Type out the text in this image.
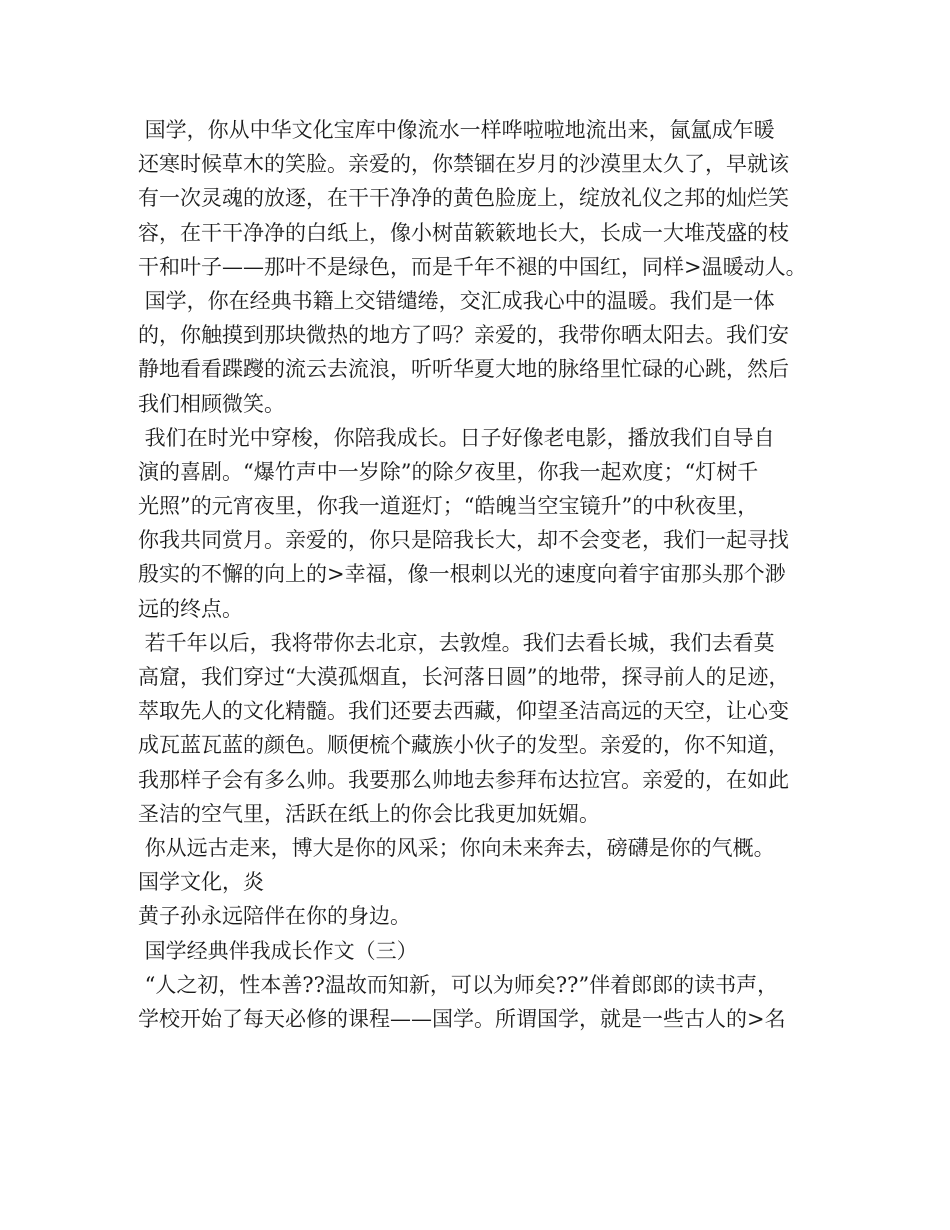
国学，你从中华文化宝库中像流水一样哗啦啦地流出来，氤氲成乍暖
还寒时候草木的笑脸。亲爱的，你禁锢在岁月的沙漠里太久了，早就该
有一次灵魂的放逐，在干干净净的黄色脸庞上，绽放礼仪之邦的灿烂笑
容，在干干净净的白纸上，像小树苗簌簌地长大，长成一大堆茂盛的枝
干和叶子——那叶不是绿色，而是千年不褪的中国红，同样>温暖动人。
国学，你在经典书籍上交错缱绻，交汇成我心中的温暖。我们是一体
的，你触摸到那块微热的地方了吗？亲爱的，我带你晒太阳去。我们安
静地看看蹀躞的流云去流浪，听听华夏大地的脉络里忙碌的心跳，然后
我们相顾微笑。
我们在时光中穿梭，你陪我成长。日子好像老电影，播放我们自导自
演的喜剧。“爆竹声中一岁除”的除夕夜里，你我一起欢度；“灯树千
光照”的元宵夜里，你我一道逛灯；“皓魄当空宝镜升”的中秋夜里，
你我共同赏月。亲爱的，你只是陪我长大，却不会变老，我们一起寻找
殷实的不懈的向上的>幸福，像一根刺以光的速度向着宇宙那头那个渺
远的终点。
若千年以后，我将带你去北京，去敦煌。我们去看长城，我们去看莫
高窟，我们穿过“大漠孤烟直，长河落日圆”的地带，探寻前人的足迹，
萃取先人的文化精髓。我们还要去西藏，仰望圣洁高远的天空，让心变
成瓦蓝瓦蓝的颜色。顺便梳个藏族小伙子的发型。亲爱的，你不知道，
我那样子会有多么帅。我要那么帅地去参拜布达拉宫。亲爱的，在如此
圣洁的空气里，活跃在纸上的你会比我更加妩媚。
你从远古走来，博大是你的风采；你向未来奔去，磅礴是你的气概。
国学文化，炎
黄子孙永远陪伴在你的身边。
国学经典伴我成长作文（三）
“人之初，性本善??温故而知新，可以为师矣??”伴着郎郎的读书声，
学校开始了每天必修的课程——国学。所谓国学，就是一些古人的>名
